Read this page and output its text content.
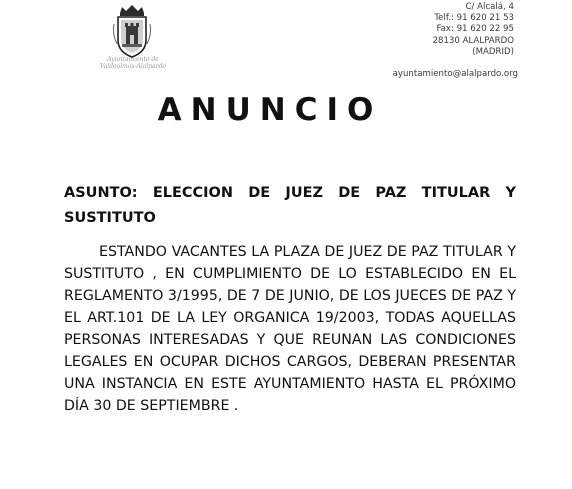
Ayuntamiento de Valdeolmos-Alalpardo
C/ Alcalá, 4
Telf.: 91 620 21 53
Fax: 91 620 22 95
28130 ALALPARDO
(MADRID)
ayuntamiento@alalpardo.org
ANUNCIO
ASUNTO: ELECCION DE JUEZ DE PAZ TITULAR Y SUSTITUTO
ESTANDO VACANTES LA PLAZA DE JUEZ DE PAZ TITULAR Y SUSTITUTO , EN CUMPLIMIENTO DE LO ESTABLECIDO EN EL REGLAMENTO 3/1995, DE 7 DE JUNIO, DE LOS JUECES DE PAZ Y EL ART.101 DE LA LEY ORGANICA 19/2003, TODAS AQUELLAS PERSONAS INTERESADAS Y QUE REUNAN LAS CONDICIONES LEGALES EN OCUPAR DICHOS CARGOS, DEBERAN PRESENTAR UNA INSTANCIA EN ESTE AYUNTAMIENTO HASTA EL PRÓXIMO DÍA 30 DE SEPTIEMBRE .
